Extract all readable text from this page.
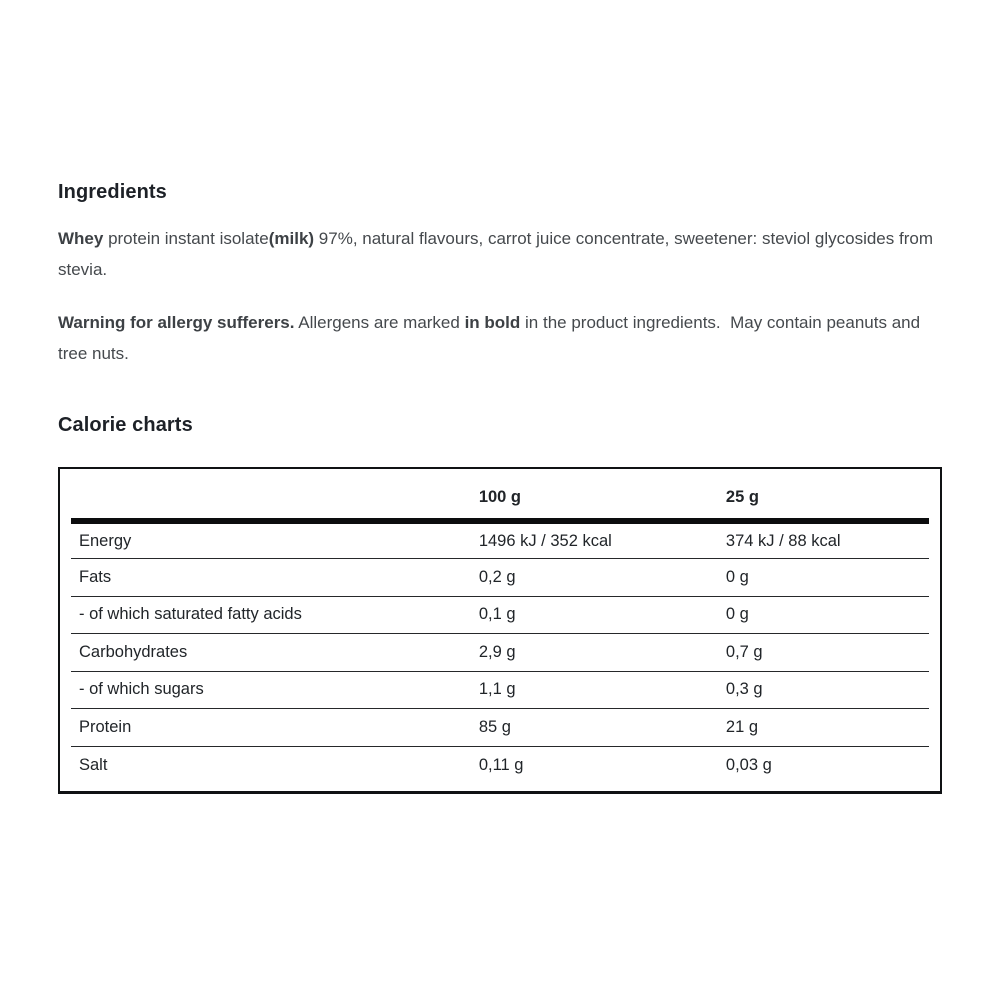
Ingredients

Whey protein instant isolate(milk) 97%, natural flavours, carrot juice concentrate, sweetener: steviol glycosides from stevia.

Warning for allergy sufferers. Allergens are marked in bold in the product ingredients.  May contain peanuts and tree nuts.

Calorie charts
	100 g	25 g
Energy	1496 kJ / 352 kcal	374 kJ / 88 kcal
Fats	0,2 g	0 g
- of which saturated fatty acids	0,1 g	0 g
Carbohydrates	2,9 g	0,7 g
- of which sugars	1,1 g	0,3 g
Protein	85 g	21 g
Salt	0,11 g	0,03 g
